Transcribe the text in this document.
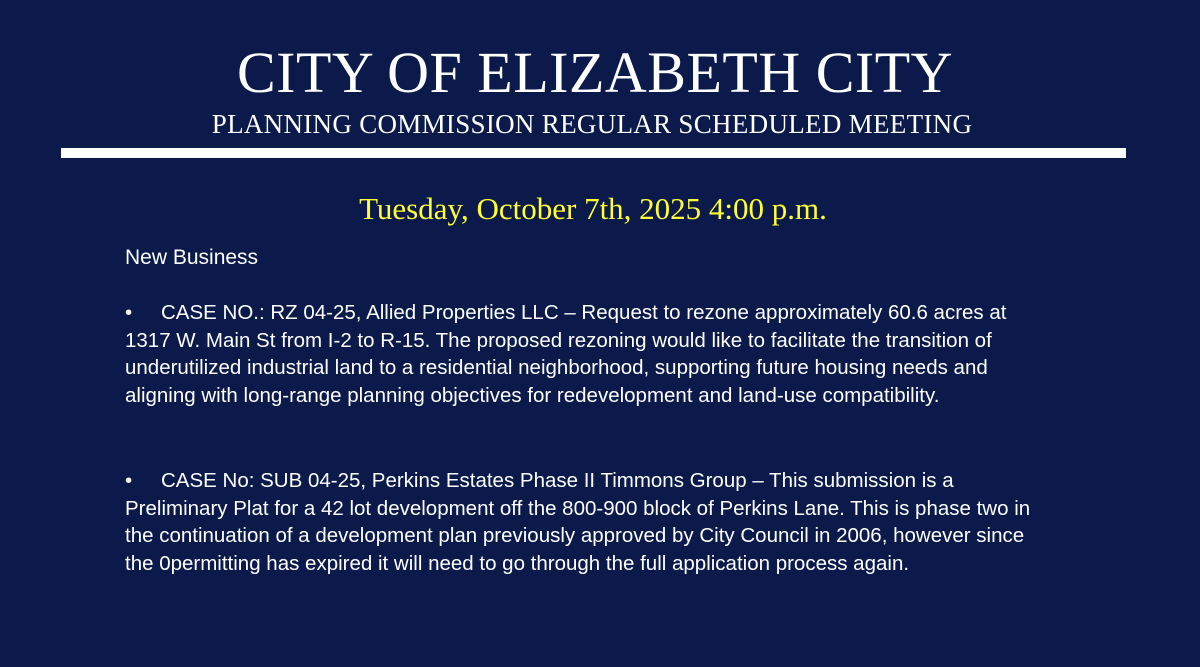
CITY OF ELIZABETH CITY
PLANNING COMMISSION REGULAR SCHEDULED MEETING
Tuesday, October 7th, 2025 4:00 p.m.
New Business
• CASE NO.: RZ 04-25, Allied Properties LLC – Request to rezone approximately 60.6 acres at 1317 W. Main St from I-2 to R-15. The proposed rezoning would like to facilitate the transition of underutilized industrial land to a residential neighborhood, supporting future housing needs and aligning with long-range planning objectives for redevelopment and land-use compatibility.
• CASE No: SUB 04-25, Perkins Estates Phase II Timmons Group – This submission is a Preliminary Plat for a 42 lot development off the 800-900 block of Perkins Lane. This is phase two in the continuation of a development plan previously approved by City Council in 2006, however since the 0permitting has expired it will need to go through the full application process again.
